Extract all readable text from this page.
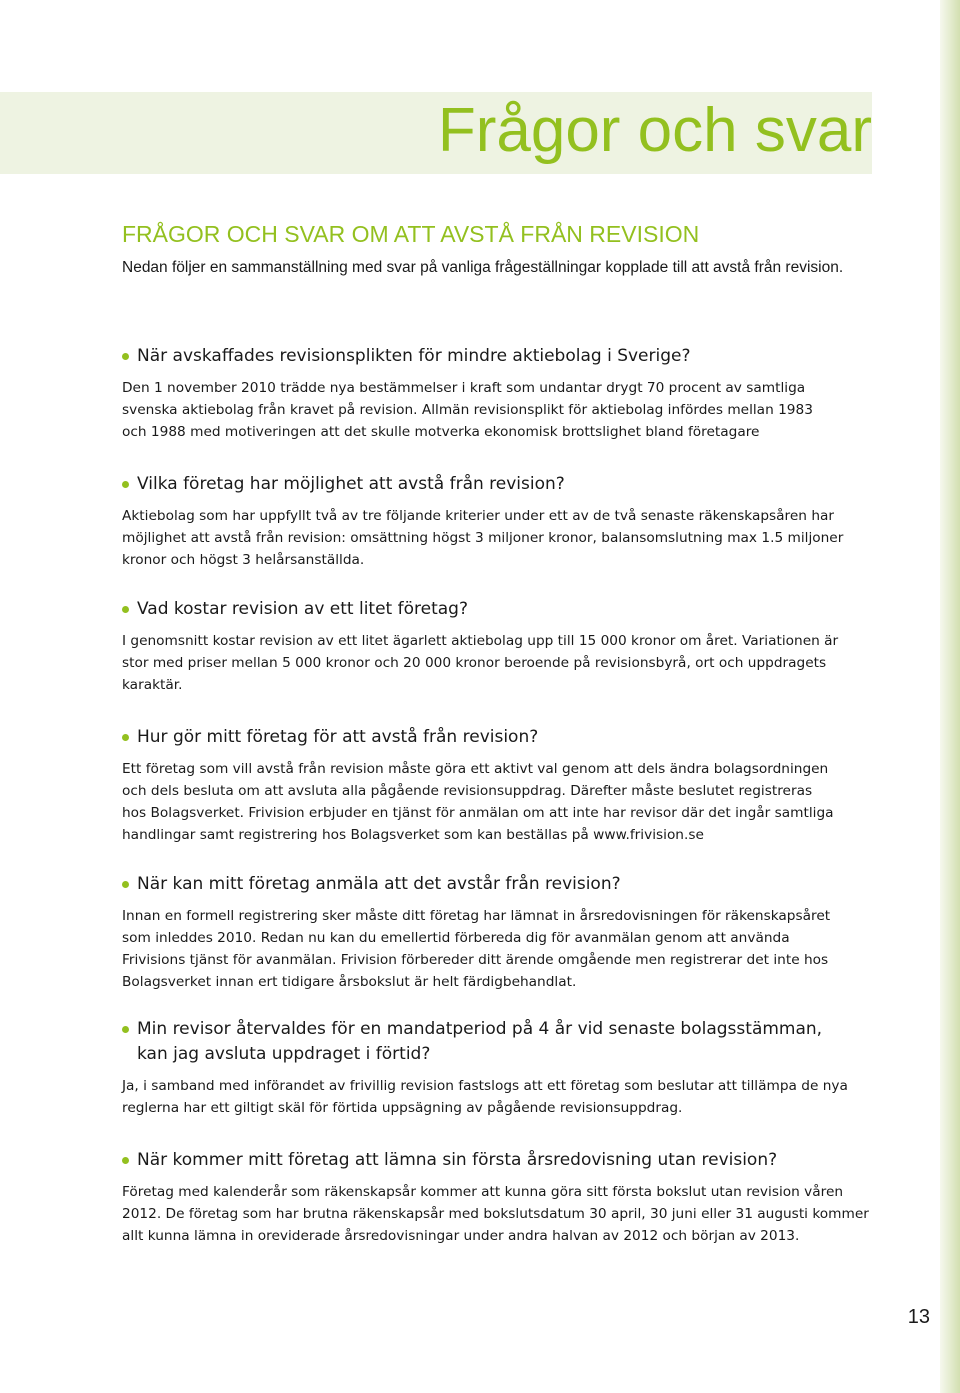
Frågor och svar
FRÅGOR OCH SVAR OM ATT AVSTÅ FRÅN REVISION

Nedan följer en sammanställning med svar på vanliga frågeställningar kopplade till att avstå från revision.

När avskaffades revisionsplikten för mindre aktiebolag i Sverige?

Den 1 november 2010 trädde nya bestämmelser i kraft som undantar drygt 70 procent av samtliga
svenska aktiebolag från kravet på revision. Allmän revisionsplikt för aktiebolag infördes mellan 1983
och 1988 med motiveringen att det skulle motverka ekonomisk brottslighet bland företagare

Vilka företag har möjlighet att avstå från revision?

Aktiebolag som har uppfyllt två av tre följande kriterier under ett av de två senaste räkenskapsåren har
möjlighet att avstå från revision: omsättning högst 3 miljoner kronor, balansomslutning max 1.5 miljoner
kronor och högst 3 helårsanställda.

Vad kostar revision av ett litet företag?

I genomsnitt kostar revision av ett litet ägarlett aktiebolag upp till 15 000 kronor om året. Variationen är
stor med priser mellan 5 000 kronor och 20 000 kronor beroende på revisionsbyrå, ort och uppdragets
karaktär.

Hur gör mitt företag för att avstå från revision?

Ett företag som vill avstå från revision måste göra ett aktivt val genom att dels ändra bolagsordningen
och dels besluta om att avsluta alla pågående revisionsuppdrag. Därefter måste beslutet registreras
hos Bolagsverket. Frivision erbjuder en tjänst för anmälan om att inte har revisor där det ingår samtliga
handlingar samt registrering hos Bolagsverket som kan beställas på www.frivision.se

När kan mitt företag anmäla att det avstår från revision?

Innan en formell registrering sker måste ditt företag har lämnat in årsredovisningen för räkenskapsåret
som inleddes 2010. Redan nu kan du emellertid förbereda dig för avanmälan genom att använda
Frivisions tjänst för avanmälan. Frivision förbereder ditt ärende omgående men registrerar det inte hos
Bolagsverket innan ert tidigare årsbokslut är helt färdigbehandlat.

Min revisor återvaldes för en mandatperiod på 4 år vid senaste bolagsstämman,
kan jag avsluta uppdraget i förtid?

Ja, i samband med införandet av frivillig revision fastslogs att ett företag som beslutar att tillämpa de nya
reglerna har ett giltigt skäl för förtida uppsägning av pågående revisionsuppdrag.

När kommer mitt företag att lämna sin första årsredovisning utan revision?

Företag med kalenderår som räkenskapsår kommer att kunna göra sitt första bokslut utan revision våren
2012. De företag som har brutna räkenskapsår med bokslutsdatum 30 april, 30 juni eller 31 augusti kommer
allt kunna lämna in oreviderade årsredovisningar under andra halvan av 2012 och början av 2013.

13
